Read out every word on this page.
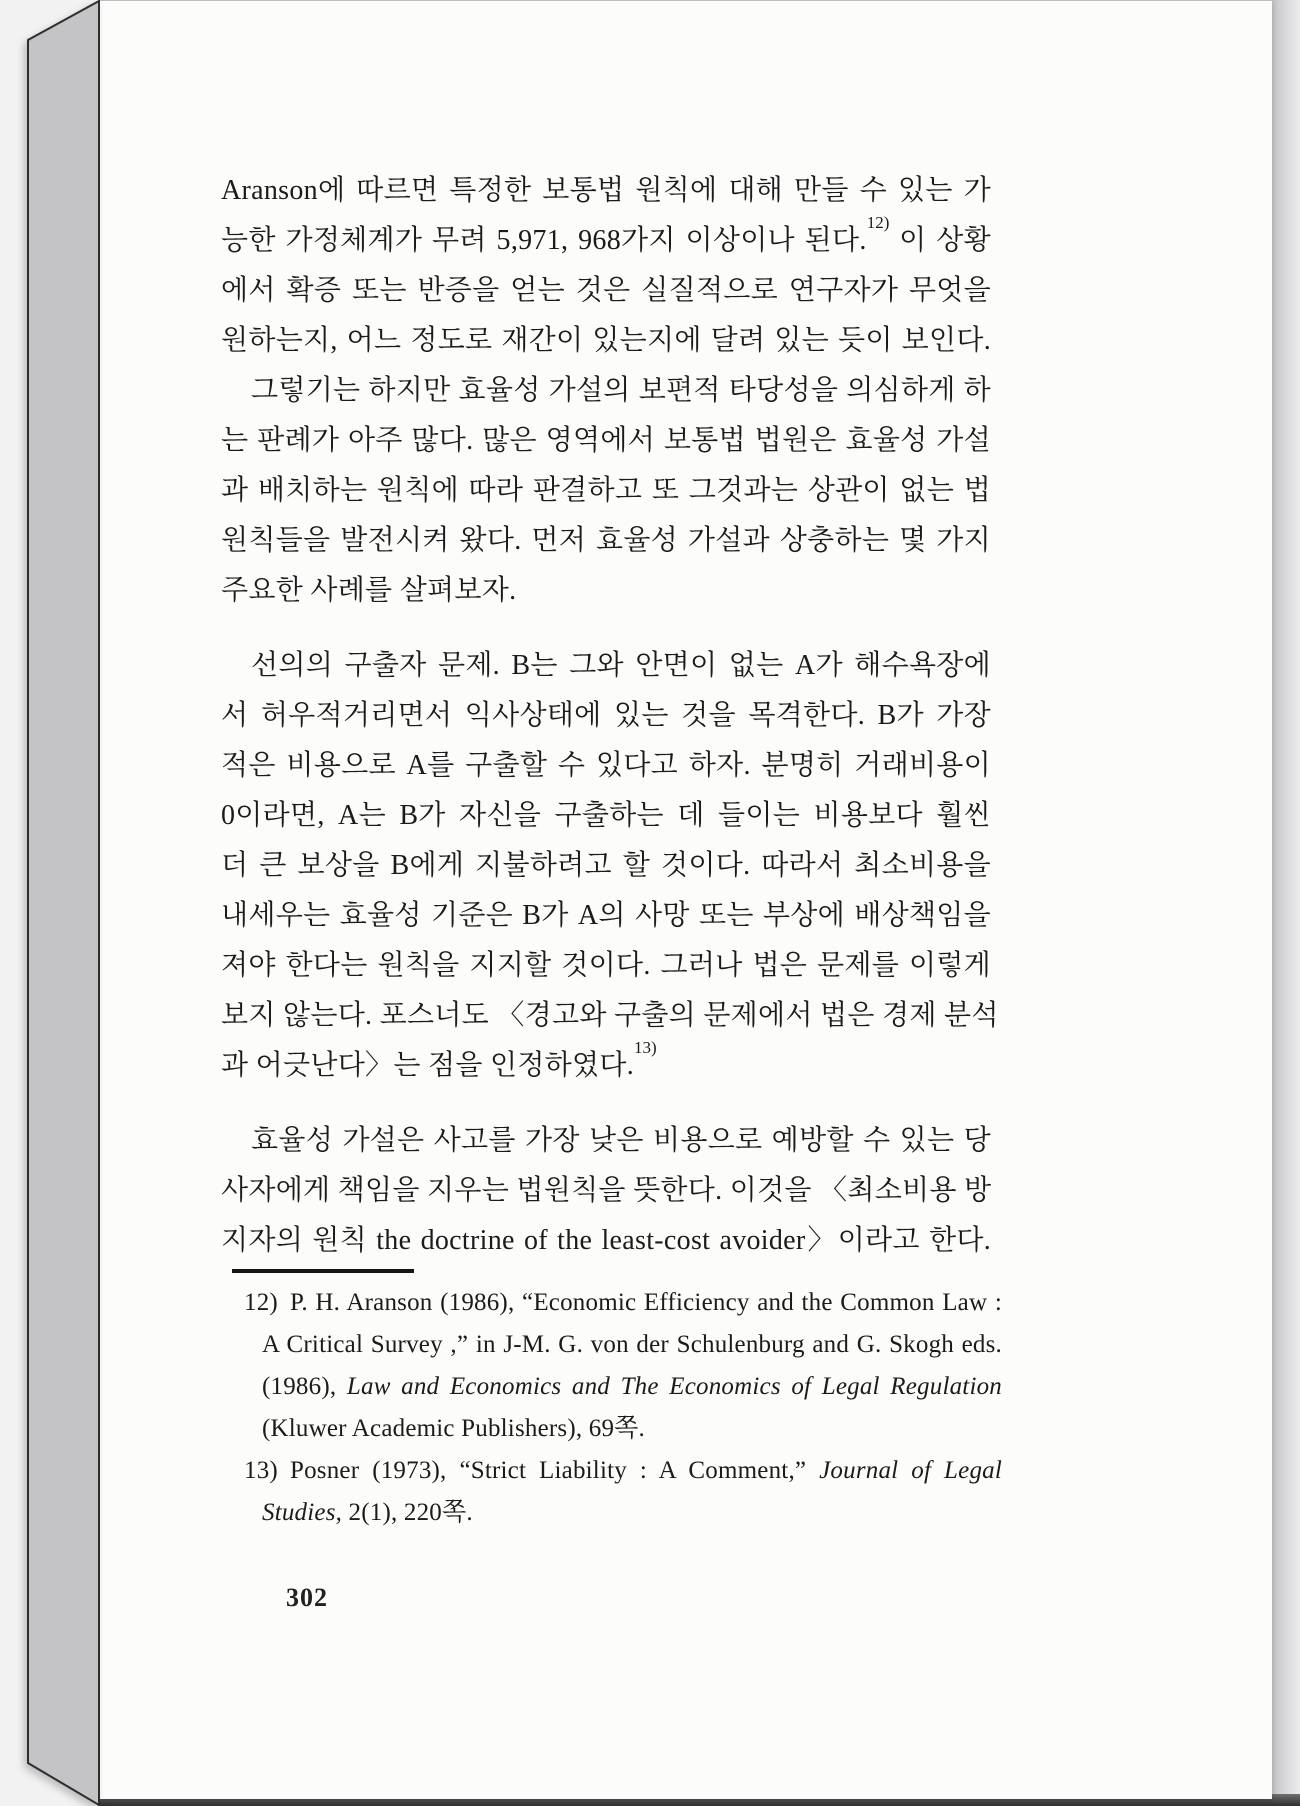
Aranson에 따르면 특정한 보통법 원칙에 대해 만들 수 있는 가
능한 가정체계가 무려 5,971, 968가지 이상이나 된다.$^{12)}$ 이 상황
에서 확증 또는 반증을 얻는 것은 실질적으로 연구자가 무엇을
원하는지, 어느 정도로 재간이 있는지에 달려 있는 듯이 보인다.
그렇기는 하지만 효율성 가설의 보편적 타당성을 의심하게 하
는 판례가 아주 많다. 많은 영역에서 보통법 법원은 효율성 가설
과 배치하는 원칙에 따라 판결하고 또 그것과는 상관이 없는 법
원칙들을 발전시켜 왔다. 먼저 효율성 가설과 상충하는 몇 가지
주요한 사례를 살펴보자.
선의의 구출자 문제. B는 그와 안면이 없는 A가 해수욕장에
서 허우적거리면서 익사상태에 있는 것을 목격한다. B가 가장
적은 비용으로 A를 구출할 수 있다고 하자. 분명히 거래비용이
0이라면, A는 B가 자신을 구출하는 데 들이는 비용보다 훨씬
더 큰 보상을 B에게 지불하려고 할 것이다. 따라서 최소비용을
내세우는 효율성 기준은 B가 A의 사망 또는 부상에 배상책임을
져야 한다는 원칙을 지지할 것이다. 그러나 법은 문제를 이렇게
보지 않는다. 포스너도 〈경고와 구출의 문제에서 법은 경제 분석
과 어긋난다〉는 점을 인정하였다.$^{13)}$
효율성 가설은 사고를 가장 낮은 비용으로 예방할 수 있는 당
사자에게 책임을 지우는 법원칙을 뜻한다. 이것을 〈최소비용 방
지자의 원칙 the doctrine of the least-cost avoider〉이라고 한다.
12) P. H. Aranson (1986), “Economic Efficiency and the Common Law :
A Critical Survey ,” in J-M. G. von der Schulenburg and G. Skogh eds.
(1986), Law and Economics and The Economics of Legal Regulation
(Kluwer Academic Publishers), 69쪽.
13) Posner (1973), “Strict Liability : A Comment,” Journal of Legal
Studies, 2(1), 220쪽.
302
